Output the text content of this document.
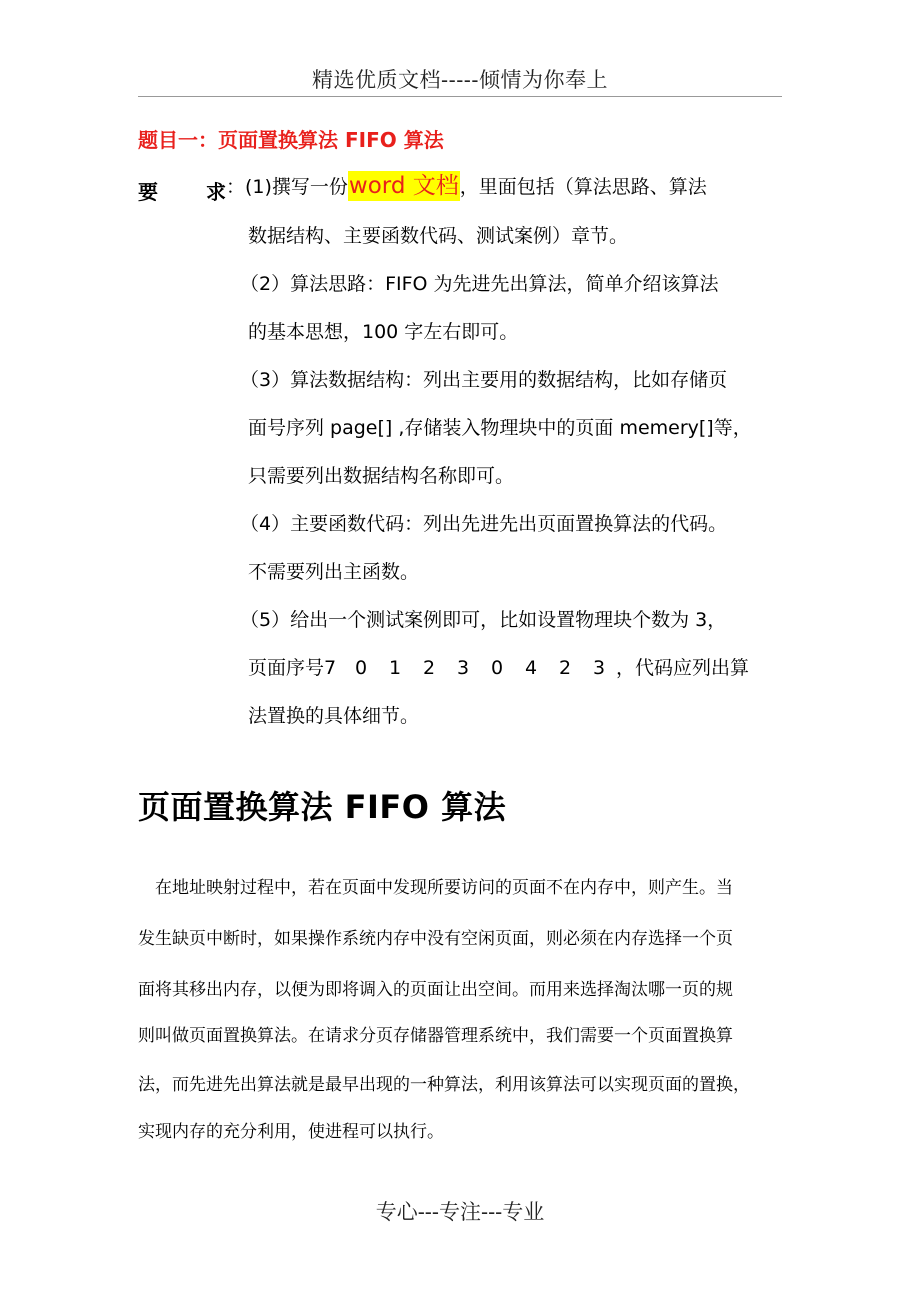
精选优质文档-----倾情为你奉上
题目一：页面置换算法 FIFO 算法
要 求 ：(1)撰写一份word 文档，里面包括（算法思路、算法
数据结构、主要函数代码、测试案例）章节。
（2）算法思路：FIFO 为先进先出算法，简单介绍该算法
的基本思想，100 字左右即可。
（3）算法数据结构：列出主要用的数据结构，比如存储页
面号序列 page[] ,存储装入物理块中的页面 memery[]等，
只需要列出数据结构名称即可。
（4）主要函数代码：列出先进先出页面置换算法的代码。
不需要列出主函数。
（5）给出一个测试案例即可，比如设置物理块个数为 3，
页面序号7 0 1 2 3 0 4 2 3 ，代码应列出算
法置换的具体细节。
页面置换算法 FIFO 算法
　在地址映射过程中，若在页面中发现所要访问的页面不在内存中，则产生。当
发生缺页中断时，如果操作系统内存中没有空闲页面，则必须在内存选择一个页
面将其移出内存，以便为即将调入的页面让出空间。而用来选择淘汰哪一页的规
则叫做页面置换算法。在请求分页存储器管理系统中，我们需要一个页面置换算
法，而先进先出算法就是最早出现的一种算法，利用该算法可以实现页面的置换，
实现内存的充分利用，使进程可以执行。
专心---专注---专业
